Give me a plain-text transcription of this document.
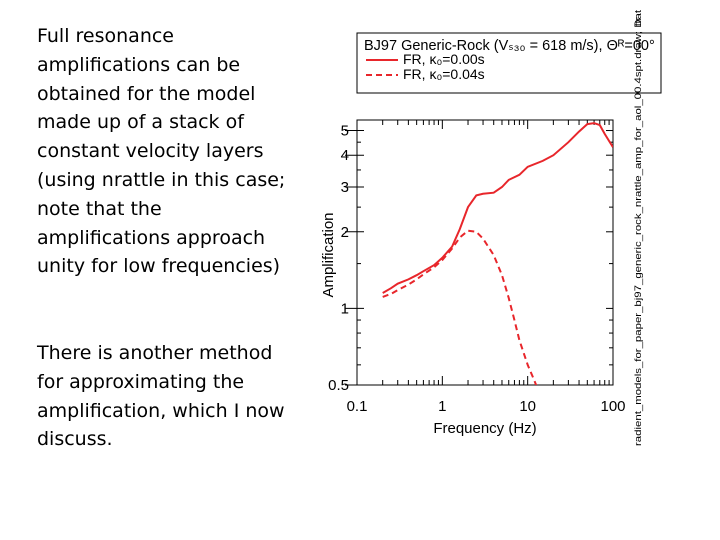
Full resonance amplifications can be obtained for the model made up of a stack of constant velocity layers (using nrattle in this case; note that the amplifications approach unity for low frequencies)
There is another method for approximating the amplification, which I now discuss.
BJ97 Generic-Rock (Vₛ₃₀ = 618 m/s), Θᴿ=00°
FR, κ₀=0.00s
FR, κ₀=0.04s
0.1	1	10	100
0.5
1
2
3
4
5
Frequency (Hz)
Amplification	radient_models_for_paper_bj97_generic_rock_nrattle_amp_for_aol_00.4spt.draw; Dat
ftr
